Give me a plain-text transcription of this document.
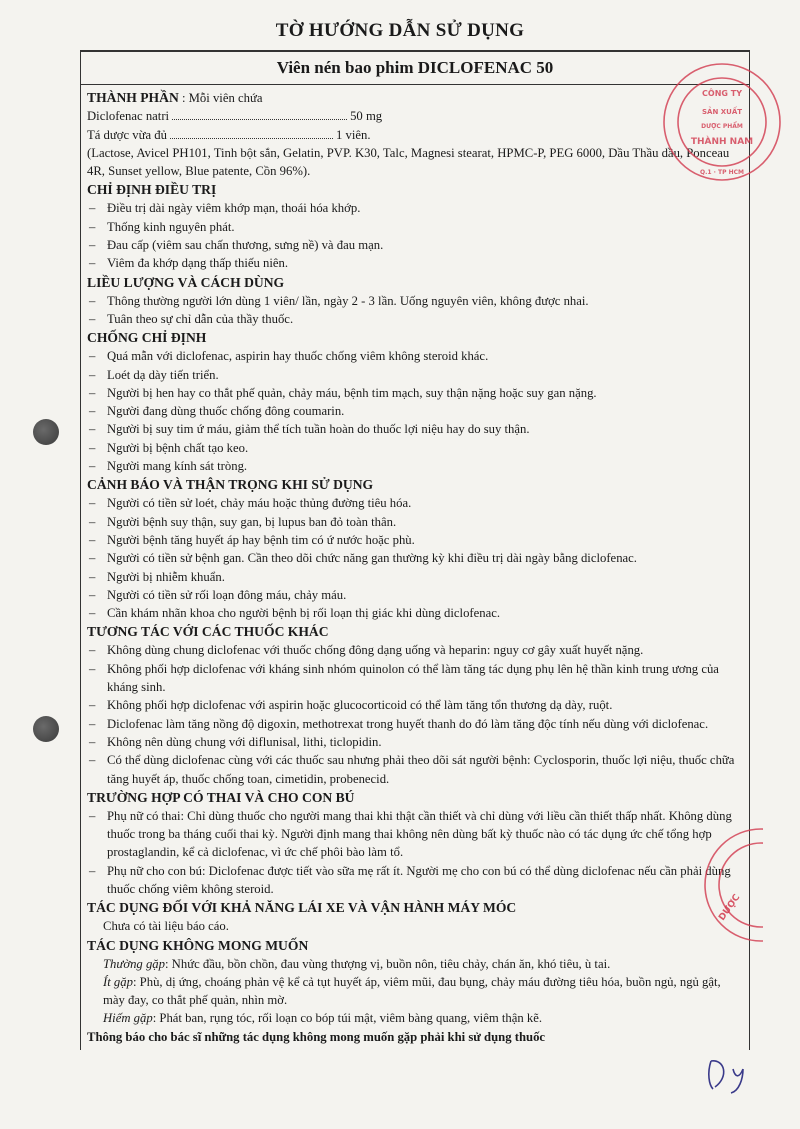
TỜ HƯỚNG DẪN SỬ DỤNG
Viên nén bao phim DICLOFENAC 50
THÀNH PHẦN : Mỗi viên chứa
Diclofenac natri	50 mg
Tá dược vừa đủ	1 viên.
(Lactose, Avicel PH101, Tinh bột sắn, Gelatin, PVP. K30, Talc, Magnesi stearat, HPMC-P, PEG 6000, Dầu Thầu dầu, Ponceau 4R, Sunset yellow, Blue patente, Cồn 96%).
CHỈ ĐỊNH ĐIỀU TRỊ
– Điều trị dài ngày viêm khớp mạn, thoái hóa khớp.
– Thống kinh nguyên phát.
– Đau cấp (viêm sau chấn thương, sưng nề) và đau mạn.
– Viêm đa khớp dạng thấp thiếu niên.
LIỀU LƯỢNG VÀ CÁCH DÙNG
– Thông thường người lớn dùng 1 viên/ lần, ngày 2 - 3 lần. Uống nguyên viên, không được nhai.
– Tuân theo sự chỉ dẫn của thầy thuốc.
CHỐNG CHỈ ĐỊNH
– Quá mẫn với diclofenac, aspirin hay thuốc chống viêm không steroid khác.
– Loét dạ dày tiến triển.
– Người bị hen hay co thắt phế quản, chảy máu, bệnh tim mạch, suy thận nặng hoặc suy gan nặng.
– Người đang dùng thuốc chống đông coumarin.
– Người bị suy tim ứ máu, giảm thể tích tuần hoàn do thuốc lợi niệu hay do suy thận.
– Người bị bệnh chất tạo keo.
– Người mang kính sát tròng.
CẢNH BÁO VÀ THẬN TRỌNG KHI SỬ DỤNG
– Người có tiền sử loét, chảy máu hoặc thủng đường tiêu hóa.
– Người bệnh suy thận, suy gan, bị lupus ban đỏ toàn thân.
– Người bệnh tăng huyết áp hay bệnh tim có ứ nước hoặc phù.
– Người có tiền sử bệnh gan. Cần theo dõi chức năng gan thường kỳ khi điều trị dài ngày bằng diclofenac.
– Người bị nhiễm khuẩn.
– Người có tiền sử rối loạn đông máu, chảy máu.
– Cần khám nhãn khoa cho người bệnh bị rối loạn thị giác khi dùng diclofenac.
TƯƠNG TÁC VỚI CÁC THUỐC KHÁC
– Không dùng chung diclofenac với thuốc chống đông dạng uống và heparin: nguy cơ gây xuất huyết nặng.
– Không phối hợp diclofenac với kháng sinh nhóm quinolon có thể làm tăng tác dụng phụ lên hệ thần kinh trung ương của kháng sinh.
– Không phối hợp diclofenac với aspirin hoặc glucocorticoid có thể làm tăng tổn thương dạ dày, ruột.
– Diclofenac làm tăng nồng độ digoxin, methotrexat trong huyết thanh do đó làm tăng độc tính nếu dùng với diclofenac.
– Không nên dùng chung với diflunisal, lithi, ticlopidin.
– Có thể dùng diclofenac cùng với các thuốc sau nhưng phải theo dõi sát người bệnh: Cyclosporin, thuốc lợi niệu, thuốc chữa tăng huyết áp, thuốc chống toan, cimetidin, probenecid.
TRƯỜNG HỢP CÓ THAI VÀ CHO CON BÚ
– Phụ nữ có thai: Chỉ dùng thuốc cho người mang thai khi thật cần thiết và chỉ dùng với liều cần thiết thấp nhất. Không dùng thuốc trong ba tháng cuối thai kỳ. Người định mang thai không nên dùng bất kỳ thuốc nào có tác dụng ức chế tổng hợp prostaglandin, kể cả diclofenac, vì ức chế phôi bào làm tổ.
– Phụ nữ cho con bú: Diclofenac được tiết vào sữa mẹ rất ít. Người mẹ cho con bú có thể dùng diclofenac nếu cần phải dùng thuốc chống viêm không steroid.
TÁC DỤNG ĐỐI VỚI KHẢ NĂNG LÁI XE VÀ VẬN HÀNH MÁY MÓC
Chưa có tài liệu báo cáo.
TÁC DỤNG KHÔNG MONG MUỐN
Thường gặp: Nhức đầu, bồn chồn, đau vùng thượng vị, buồn nôn, tiêu chảy, chán ăn, khó tiêu, ù tai.
Ít gặp: Phù, dị ứng, choáng phản vệ kể cả tụt huyết áp, viêm mũi, đau bụng, chảy máu đường tiêu hóa, buồn ngủ, ngủ gật, mày đay, co thắt phế quản, nhìn mờ.
Hiếm gặp: Phát ban, rụng tóc, rối loạn co bóp túi mật, viêm bàng quang, viêm thận kẽ.
Thông báo cho bác sĩ những tác dụng không mong muốn gặp phải khi sử dụng thuốc
CÔNG TY
SẢN XUẤT
DƯỢC PHẨM
THÀNH NAM
Q.1 · TP HCM
DƯỢC
